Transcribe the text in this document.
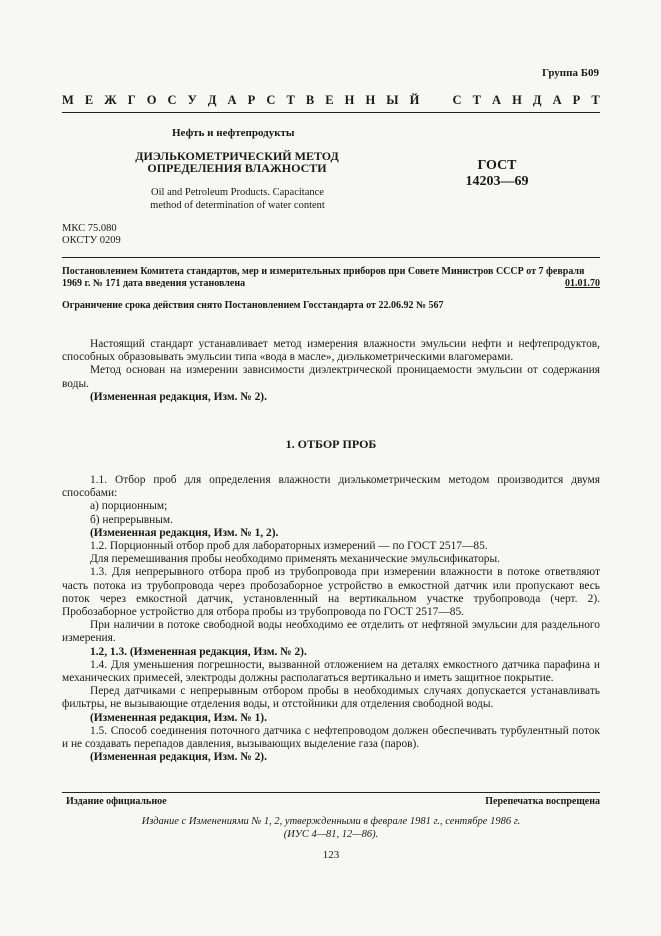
Группа Б09
М Е Ж Г О С У Д А Р С Т В Е Н Н Ы Й	С Т А Н Д А Р Т
Нефть и нефтепродукты
ДИЭЛЬКОМЕТРИЧЕСКИЙ МЕТОД
ОПРЕДЕЛЕНИЯ ВЛАЖНОСТИ	ГОСТ
14203—69
Oil and Petroleum Products. Capacitance
method of determination of water content
МКС 75.080
ОКСТУ 0209
Постановлением Комитета стандартов, мер и измерительных приборов при Совете Министров СССР от 7 февраля
1969 г. № 171 дата введения установлена	01.01.70
Ограничение срока действия снято Постановлением Госстандарта от 22.06.92 № 567

Настоящий стандарт устанавливает метод измерения влажности эмульсии нефти и нефтепродуктов, способных образовывать эмульсии типа «вода в масле», диэлькометрическими влагомерами.

Метод основан на измерении зависимости диэлектрической проницаемости эмульсии от содержания воды.

(Измененная редакция, Изм. № 2).

1. ОТБОР ПРОБ

1.1. Отбор проб для определения влажности диэлькометрическим методом производится двумя способами:

а) порционным;

б) непрерывным.

(Измененная редакция, Изм. № 1, 2).

1.2. Порционный отбор проб для лабораторных измерений — по ГОСТ 2517—85.

Для перемешивания пробы необходимо применять механические эмульсификаторы.

1.3. Для непрерывного отбора проб из трубопровода при измерении влажности в потоке ответвляют часть потока из трубопровода через пробозаборное устройство в емкостной датчик или пропускают весь поток через емкостной датчик, установленный на вертикальном участке трубопровода (черт. 2). Пробозаборное устройство для отбора пробы из трубопровода по ГОСТ 2517—85.

При наличии в потоке свободной воды необходимо ее отделить от нефтяной эмульсии для раздельного измерения.

1.2, 1.3. (Измененная редакция, Изм. № 2).

1.4. Для уменьшения погрешности, вызванной отложением на деталях емкостного датчика парафина и механических примесей, электроды должны располагаться вертикально и иметь защитное покрытие.

Перед датчиками с непрерывным отбором пробы в необходимых случаях допускается устанавливать фильтры, не вызывающие отделения воды, и отстойники для отделения свободной воды.

(Измененная редакция, Изм. № 1).

1.5. Способ соединения поточного датчика с нефтепроводом должен обеспечивать турбулентный поток и не создавать перепадов давления, вызывающих выделение газа (паров).

(Измененная редакция, Изм. № 2).

Издание официальное	Перепечатка воспрещена
Издание с Изменениями № 1, 2, утвержденными в феврале 1981 г., сентябре 1986 г.
(ИУС 4—81, 12—86).
123
